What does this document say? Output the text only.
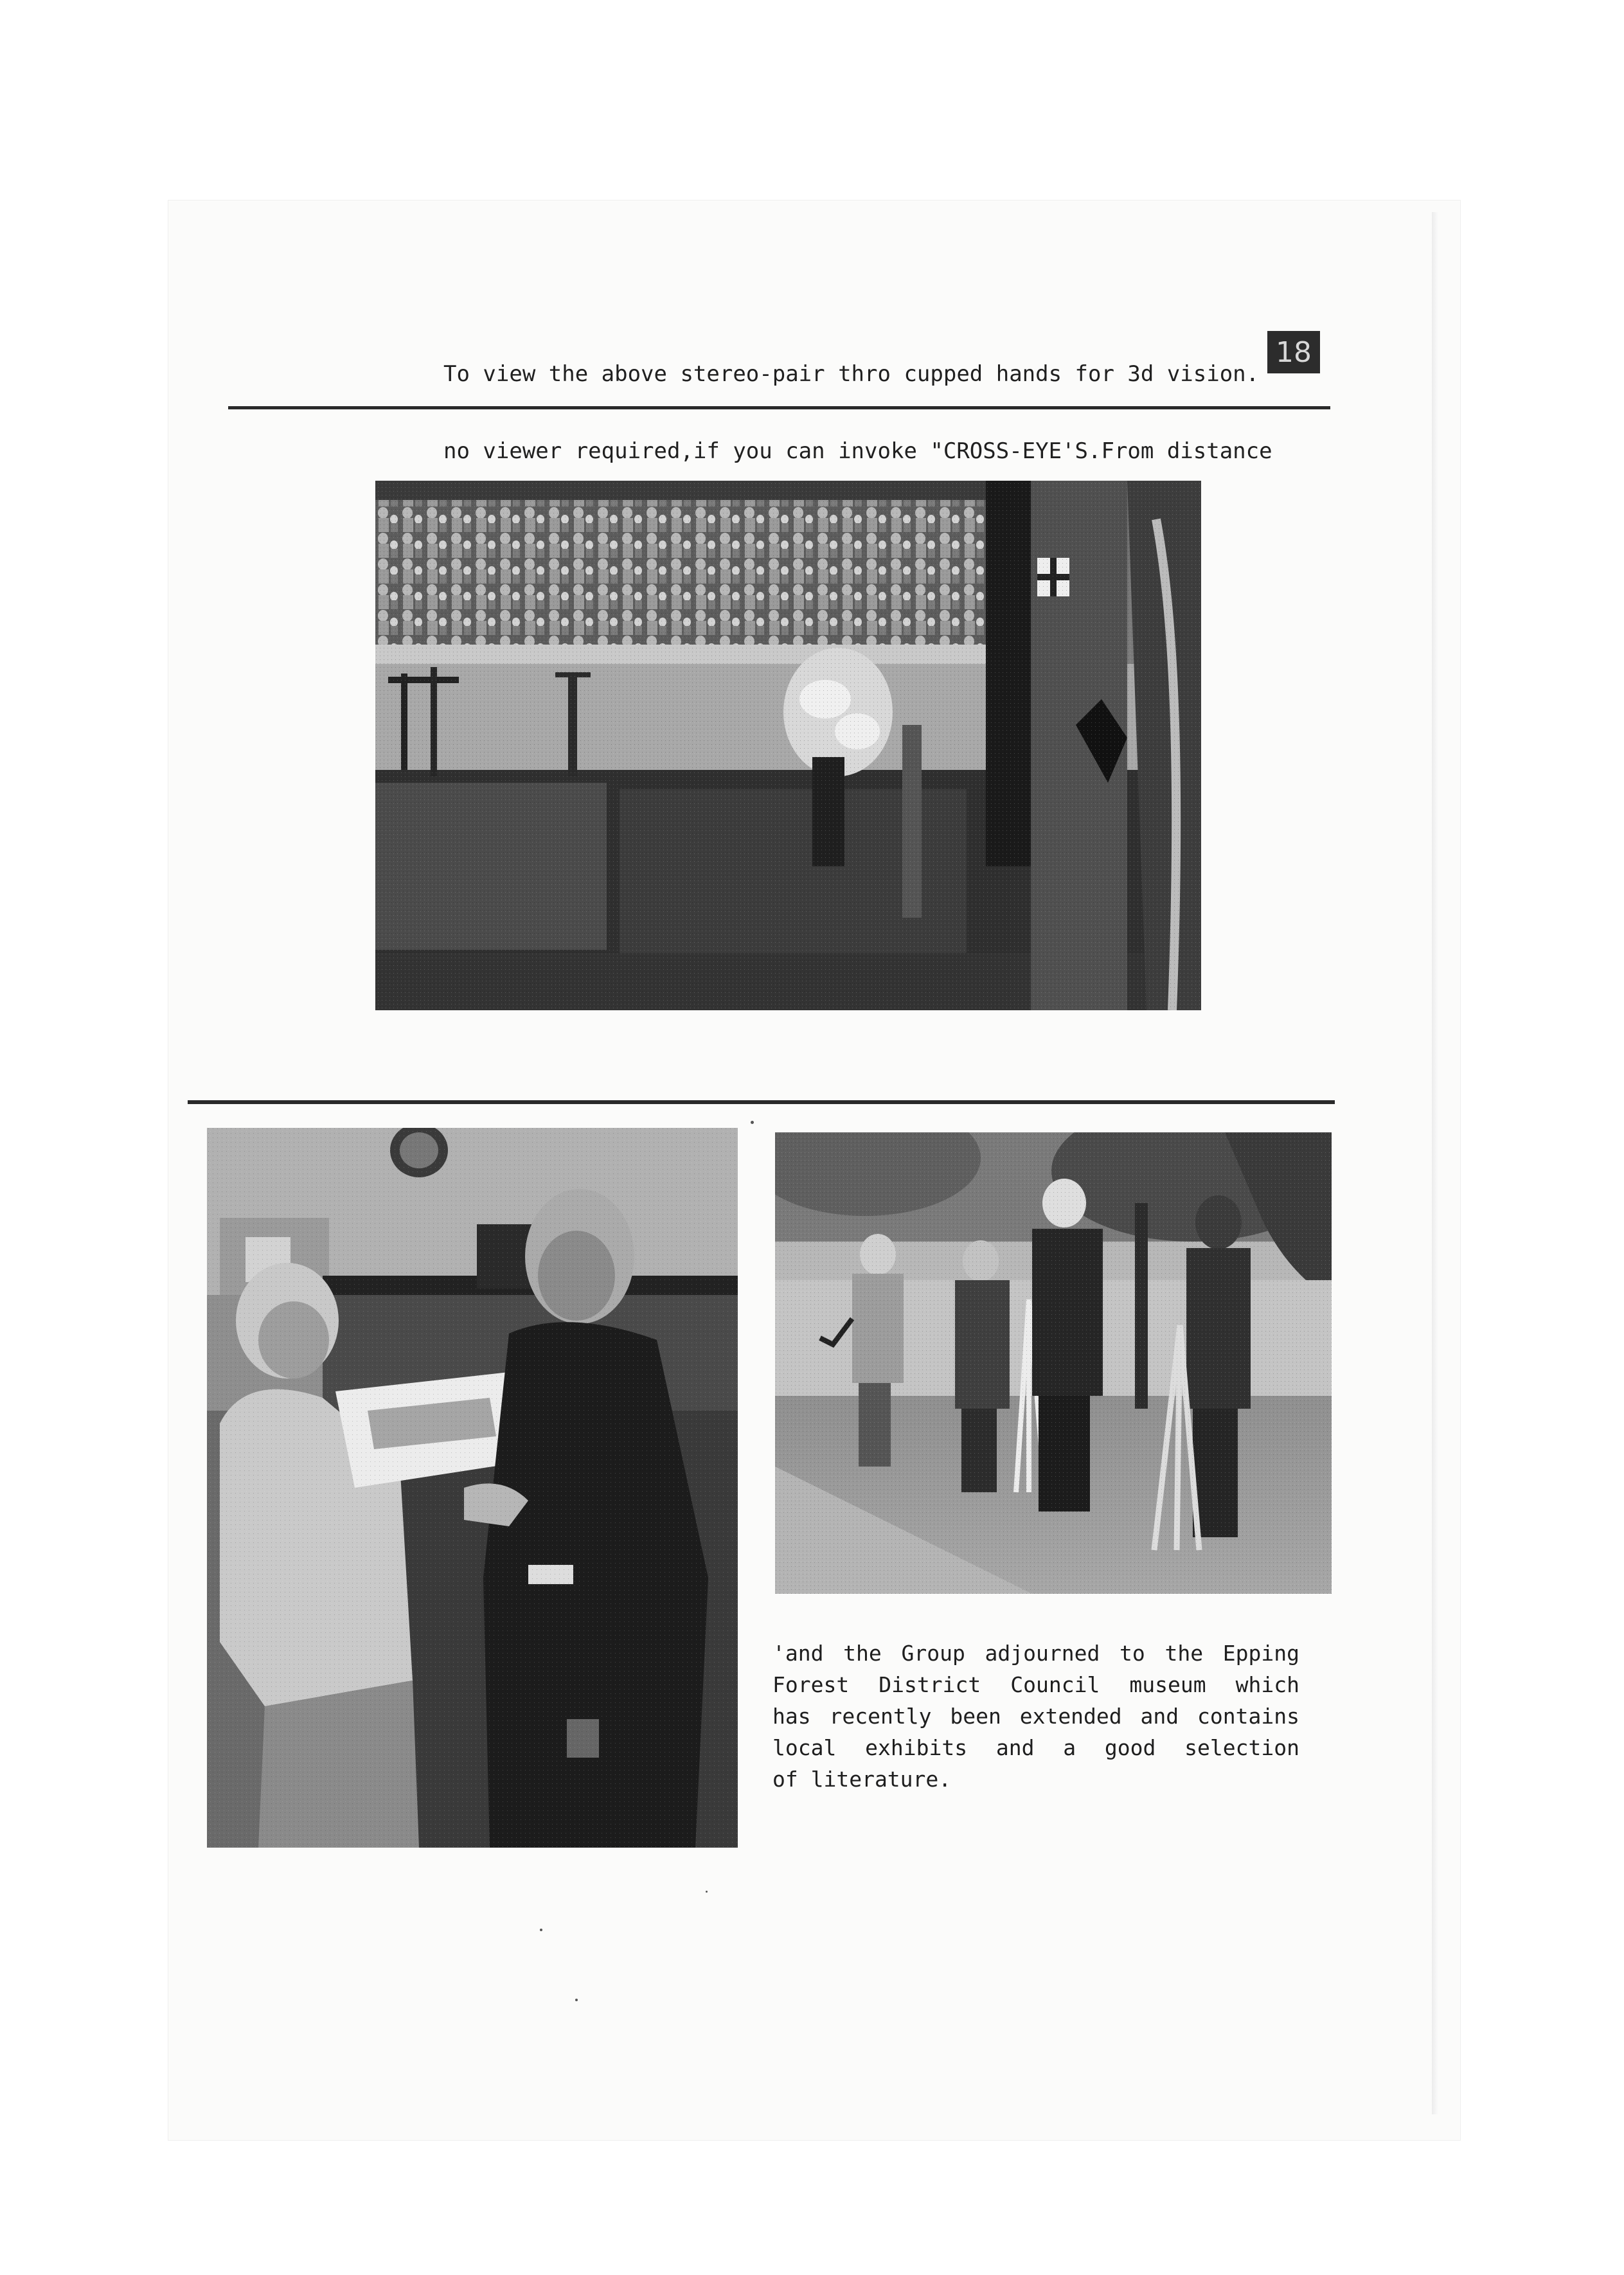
To view the above stereo-pair thro cupped hands for 3d vision.

no viewer required,if you can invoke "CROSS-EYE'S.From distance

18
'and the Group adjourned to the Epping
Forest District Council museum which
has recently been extended and contains
local exhibits and a good selection
of literature.
